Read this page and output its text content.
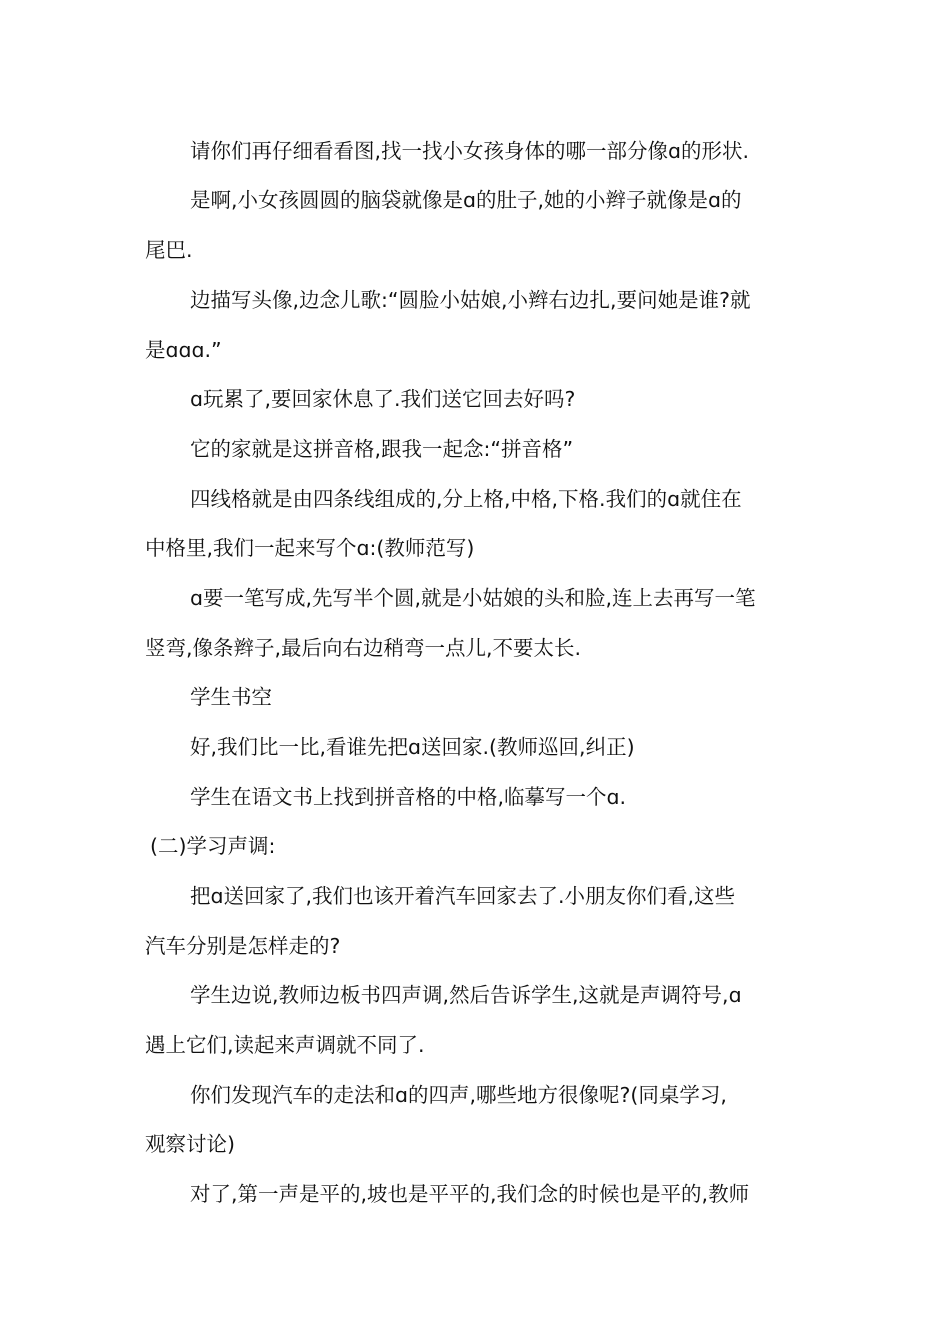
请你们再仔细看看图,找一找小女孩身体的哪一部分像ɑ的形状.
是啊,小女孩圆圆的脑袋就像是ɑ的肚子,她的小辫子就像是ɑ的
尾巴.
边描写头像,边念儿歌:“圆脸小姑娘,小辫右边扎,要问她是谁?就
是ɑɑɑ.”
ɑ玩累了,要回家休息了.我们送它回去好吗?
它的家就是这拼音格,跟我一起念:“拼音格”
四线格就是由四条线组成的,分上格,中格,下格.我们的ɑ就住在
中格里,我们一起来写个ɑ:(教师范写)
ɑ要一笔写成,先写半个圆,就是小姑娘的头和脸,连上去再写一笔
竖弯,像条辫子,最后向右边稍弯一点儿,不要太长.
学生书空
好,我们比一比,看谁先把ɑ送回家.(教师巡回,纠正)
学生在语文书上找到拼音格的中格,临摹写一个ɑ.
(二)学习声调:
把ɑ送回家了,我们也该开着汽车回家去了.小朋友你们看,这些
汽车分别是怎样走的?
学生边说,教师边板书四声调,然后告诉学生,这就是声调符号,ɑ
遇上它们,读起来声调就不同了.
你们发现汽车的走法和ɑ的四声,哪些地方很像呢?(同桌学习,
观察讨论)
对了,第一声是平的,坡也是平平的,我们念的时候也是平的,教师
